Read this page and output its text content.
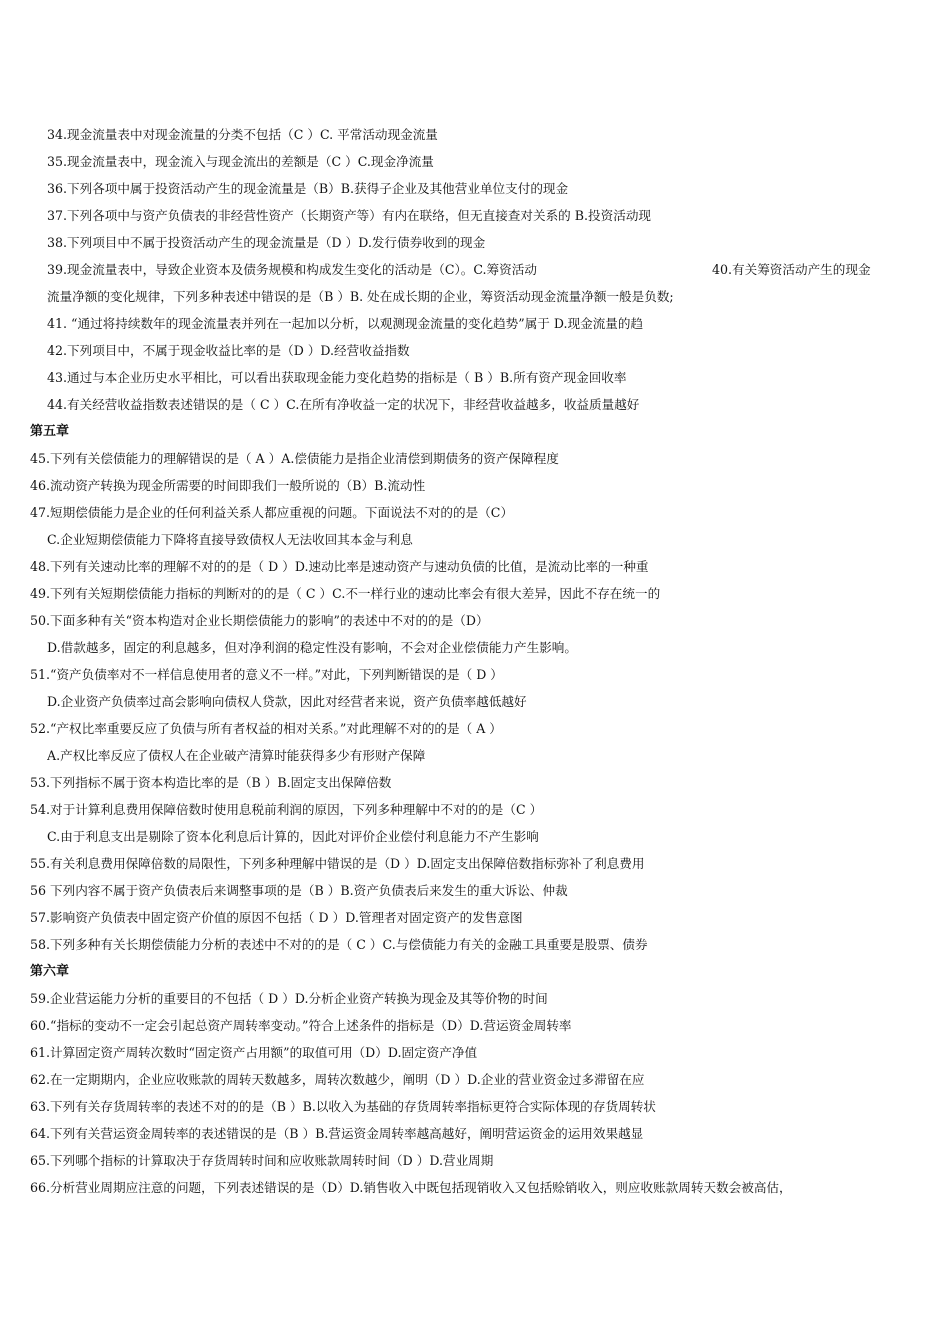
34.现金流量表中对现金流量的分类不包括（C ）C. 平常活动现金流量
35.现金流量表中，现金流入与现金流出的差额是（C ）C.现金净流量
36.下列各项中属于投资活动产生的现金流量是（B）B.获得子企业及其他营业单位支付的现金
37.下列各项中与资产负债表的非经营性资产（长期资产等）有内在联络，但无直接查对关系的 B.投资活动现
38.下列项目中不属于投资活动产生的现金流量是（D ）D.发行债券收到的现金
39.现金流量表中，导致企业资本及债务规模和构成发生变化的活动是（C）。C.筹资活动	40.有关筹资活动产生的现金
流量净额的变化规律，下列多种表述中错误的是（B ）B. 处在成长期的企业，筹资活动现金流量净额一般是负数;
41. “通过将持续数年的现金流量表并列在一起加以分析，以观测现金流量的变化趋势”属于 D.现金流量的趋
42.下列项目中，不属于现金收益比率的是（D ）D.经营收益指数
43.通过与本企业历史水平相比，可以看出获取现金能力变化趋势的指标是（ B ）B.所有资产现金回收率
44.有关经营收益指数表述错误的是（ C ）C.在所有净收益一定的状况下，非经营收益越多，收益质量越好
第五章
45.下列有关偿债能力的理解错误的是（ A ）A.偿债能力是指企业清偿到期债务的资产保障程度
46.流动资产转换为现金所需要的时间即我们一般所说的（B）B.流动性
47.短期偿债能力是企业的任何利益关系人都应重视的问题。下面说法不对的的是（C）
C.企业短期偿债能力下降将直接导致债权人无法收回其本金与利息
48.下列有关速动比率的理解不对的的是（ D ）D.速动比率是速动资产与速动负债的比值，是流动比率的一种重
49.下列有关短期偿债能力指标的判断对的的是（ C ）C.不一样行业的速动比率会有很大差异，因此不存在统一的
50.下面多种有关“资本构造对企业长期偿债能力的影响”的表述中不对的的是（D）
D.借款越多，固定的利息越多，但对净利润的稳定性没有影响，不会对企业偿债能力产生影响。
51.“资产负债率对不一样信息使用者的意义不一样。”对此，下列判断错误的是（ D ）
D.企业资产负债率过高会影响向债权人贷款，因此对经营者来说，资产负债率越低越好
52.“产权比率重要反应了负债与所有者权益的相对关系。”对此理解不对的的是（ A ）
A.产权比率反应了债权人在企业破产清算时能获得多少有形财产保障
53.下列指标不属于资本构造比率的是（B ）B.固定支出保障倍数
54.对于计算利息费用保障倍数时使用息税前利润的原因，下列多种理解中不对的的是（C ）
C.由于利息支出是剔除了资本化利息后计算的，因此对评价企业偿付利息能力不产生影响
55.有关利息费用保障倍数的局限性，下列多种理解中错误的是（D ）D.固定支出保障倍数指标弥补了利息费用
56 下列内容不属于资产负债表后来调整事项的是（B ）B.资产负债表后来发生的重大诉讼、仲裁
57.影响资产负债表中固定资产价值的原因不包括（ D ）D.管理者对固定资产的发售意图
58.下列多种有关长期偿债能力分析的表述中不对的的是（ C ）C.与偿债能力有关的金融工具重要是股票、债券
第六章
59.企业营运能力分析的重要目的不包括（ D ）D.分析企业资产转换为现金及其等价物的时间
60.“指标的变动不一定会引起总资产周转率变动。”符合上述条件的指标是（D）D.营运资金周转率
61.计算固定资产周转次数时“固定资产占用额”的取值可用（D）D.固定资产净值
62.在一定期期内，企业应收账款的周转天数越多，周转次数越少，阐明（D ）D.企业的营业资金过多滞留在应
63.下列有关存货周转率的表述不对的的是（B ）B.以收入为基础的存货周转率指标更符合实际体现的存货周转状
64.下列有关营运资金周转率的表述错误的是（B ）B.营运资金周转率越高越好，阐明营运资金的运用效果越显
65.下列哪个指标的计算取决于存货周转时间和应收账款周转时间（D ）D.营业周期
66.分析营业周期应注意的问题，下列表述错误的是（D）D.销售收入中既包括现销收入又包括赊销收入，则应收账款周转天数会被高估，
